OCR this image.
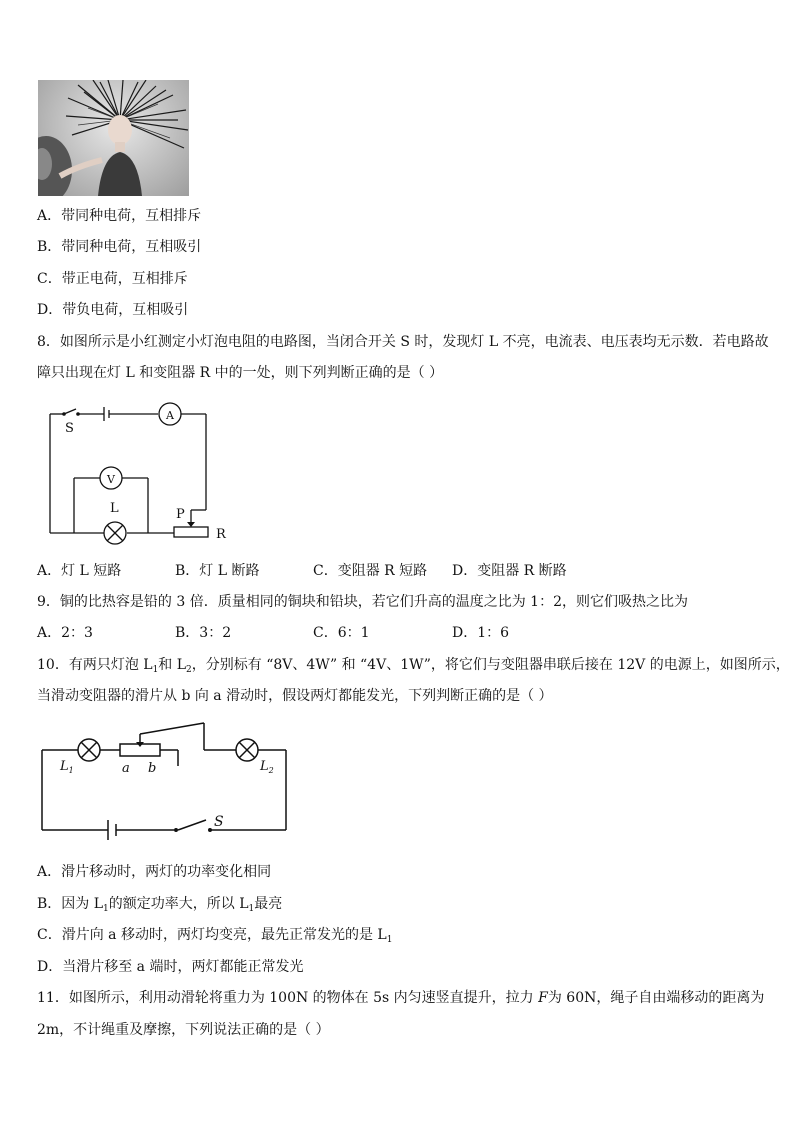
A．带同种电荷，互相排斥
B．带同种电荷，互相吸引
C．带正电荷，互相排斥
D．带负电荷，互相吸引
8．如图所示是小红测定小灯泡电阻的电路图，当闭合开关 S 时，发现灯 L 不亮，电流表、电压表均无示数．若电路故
障只出现在灯 L 和变阻器 R 中的一处，则下列判断正确的是（ ）
S
A
V
L	P
R
A．灯 L 短路	B．灯 L 断路	C．变阻器 R 短路 D．变阻器 R 断路
9．铜的比热容是铅的 3 倍．质量相同的铜块和铅块，若它们升高的温度之比为 1：2，则它们吸热之比为
A．2：3	B．3：2	C．6：1	D．1：6
10．有两只灯泡 $L_1$和 $L_2$，分别标有 “8V、4W” 和 “4V、1W”，将它们与变阻器串联后接在 12V 的电源上，如图所示，
当滑动变阻器的滑片从 b 向 a 滑动时，假设两灯都能发光，下列判断正确的是（ ）
$L_1$	a b	$L_2$
S
A．滑片移动时，两灯的功率变化相同
B．因为 $L_1$的额定功率大，所以 $L_1$最亮
C．滑片向 a 移动时，两灯均变亮，最先正常发光的是 $L_1$
D．当滑片移至 a 端时，两灯都能正常发光
11．如图所示，利用动滑轮将重力为 100N 的物体在 5s 内匀速竖直提升，拉力 F为 60N，绳子自由端移动的距离为
2m，不计绳重及摩擦，下列说法正确的是（ ）
